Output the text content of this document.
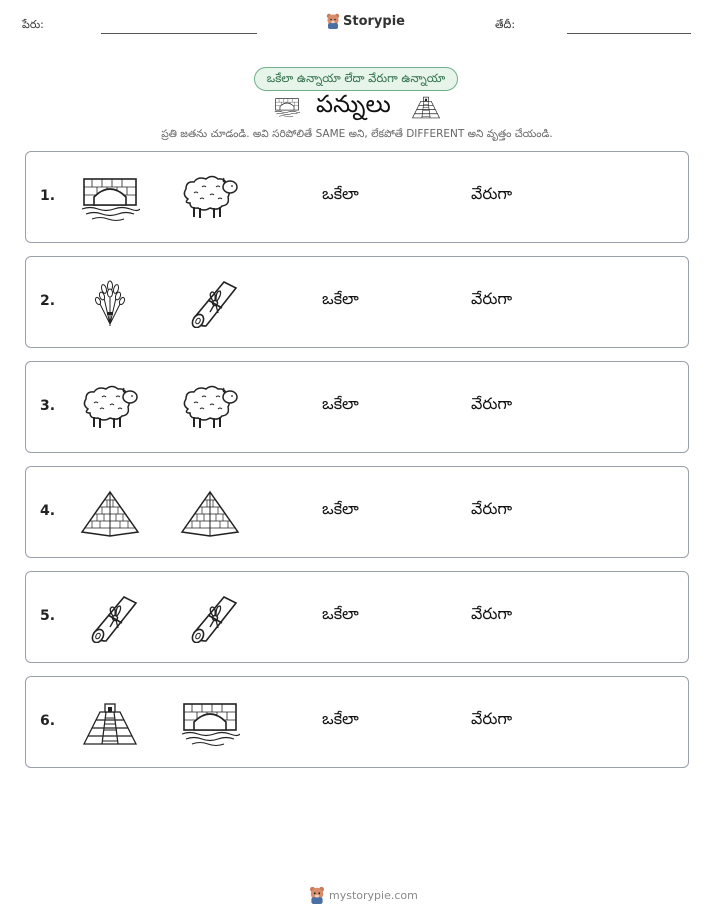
పేరు:	Storypie	తేదీ:
ఒకేలా ఉన్నాయా లేదా వేరుగా ఉన్నాయా
పన్నులు
ప్రతి జతను చూడండి. అవి సరిపోలితే SAME అని, లేకపోతే DIFFERENT అని వృత్తం చేయండి.
1.	ఒకేలా	వేరుగా
2.	ఒకేలా	వేరుగా
3.	ఒకేలా	వేరుగా
4.	ఒకేలా	వేరుగా
5.	ఒకేలా	వేరుగా
6.	ఒకేలా	వేరుగా
mystorypie.com
